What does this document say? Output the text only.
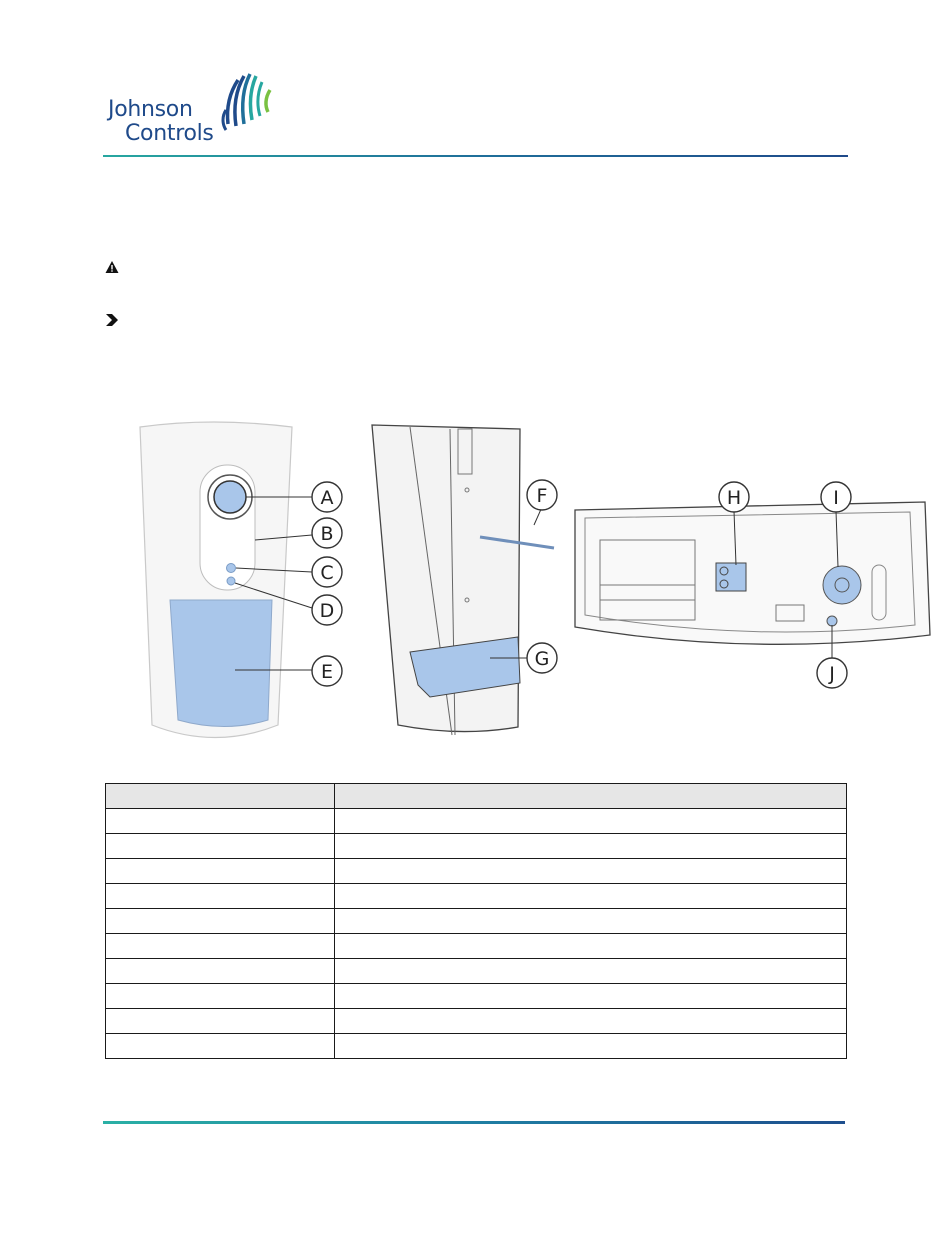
Johnson
Controls
A
B
C
D
E
F
G
H	I
J
